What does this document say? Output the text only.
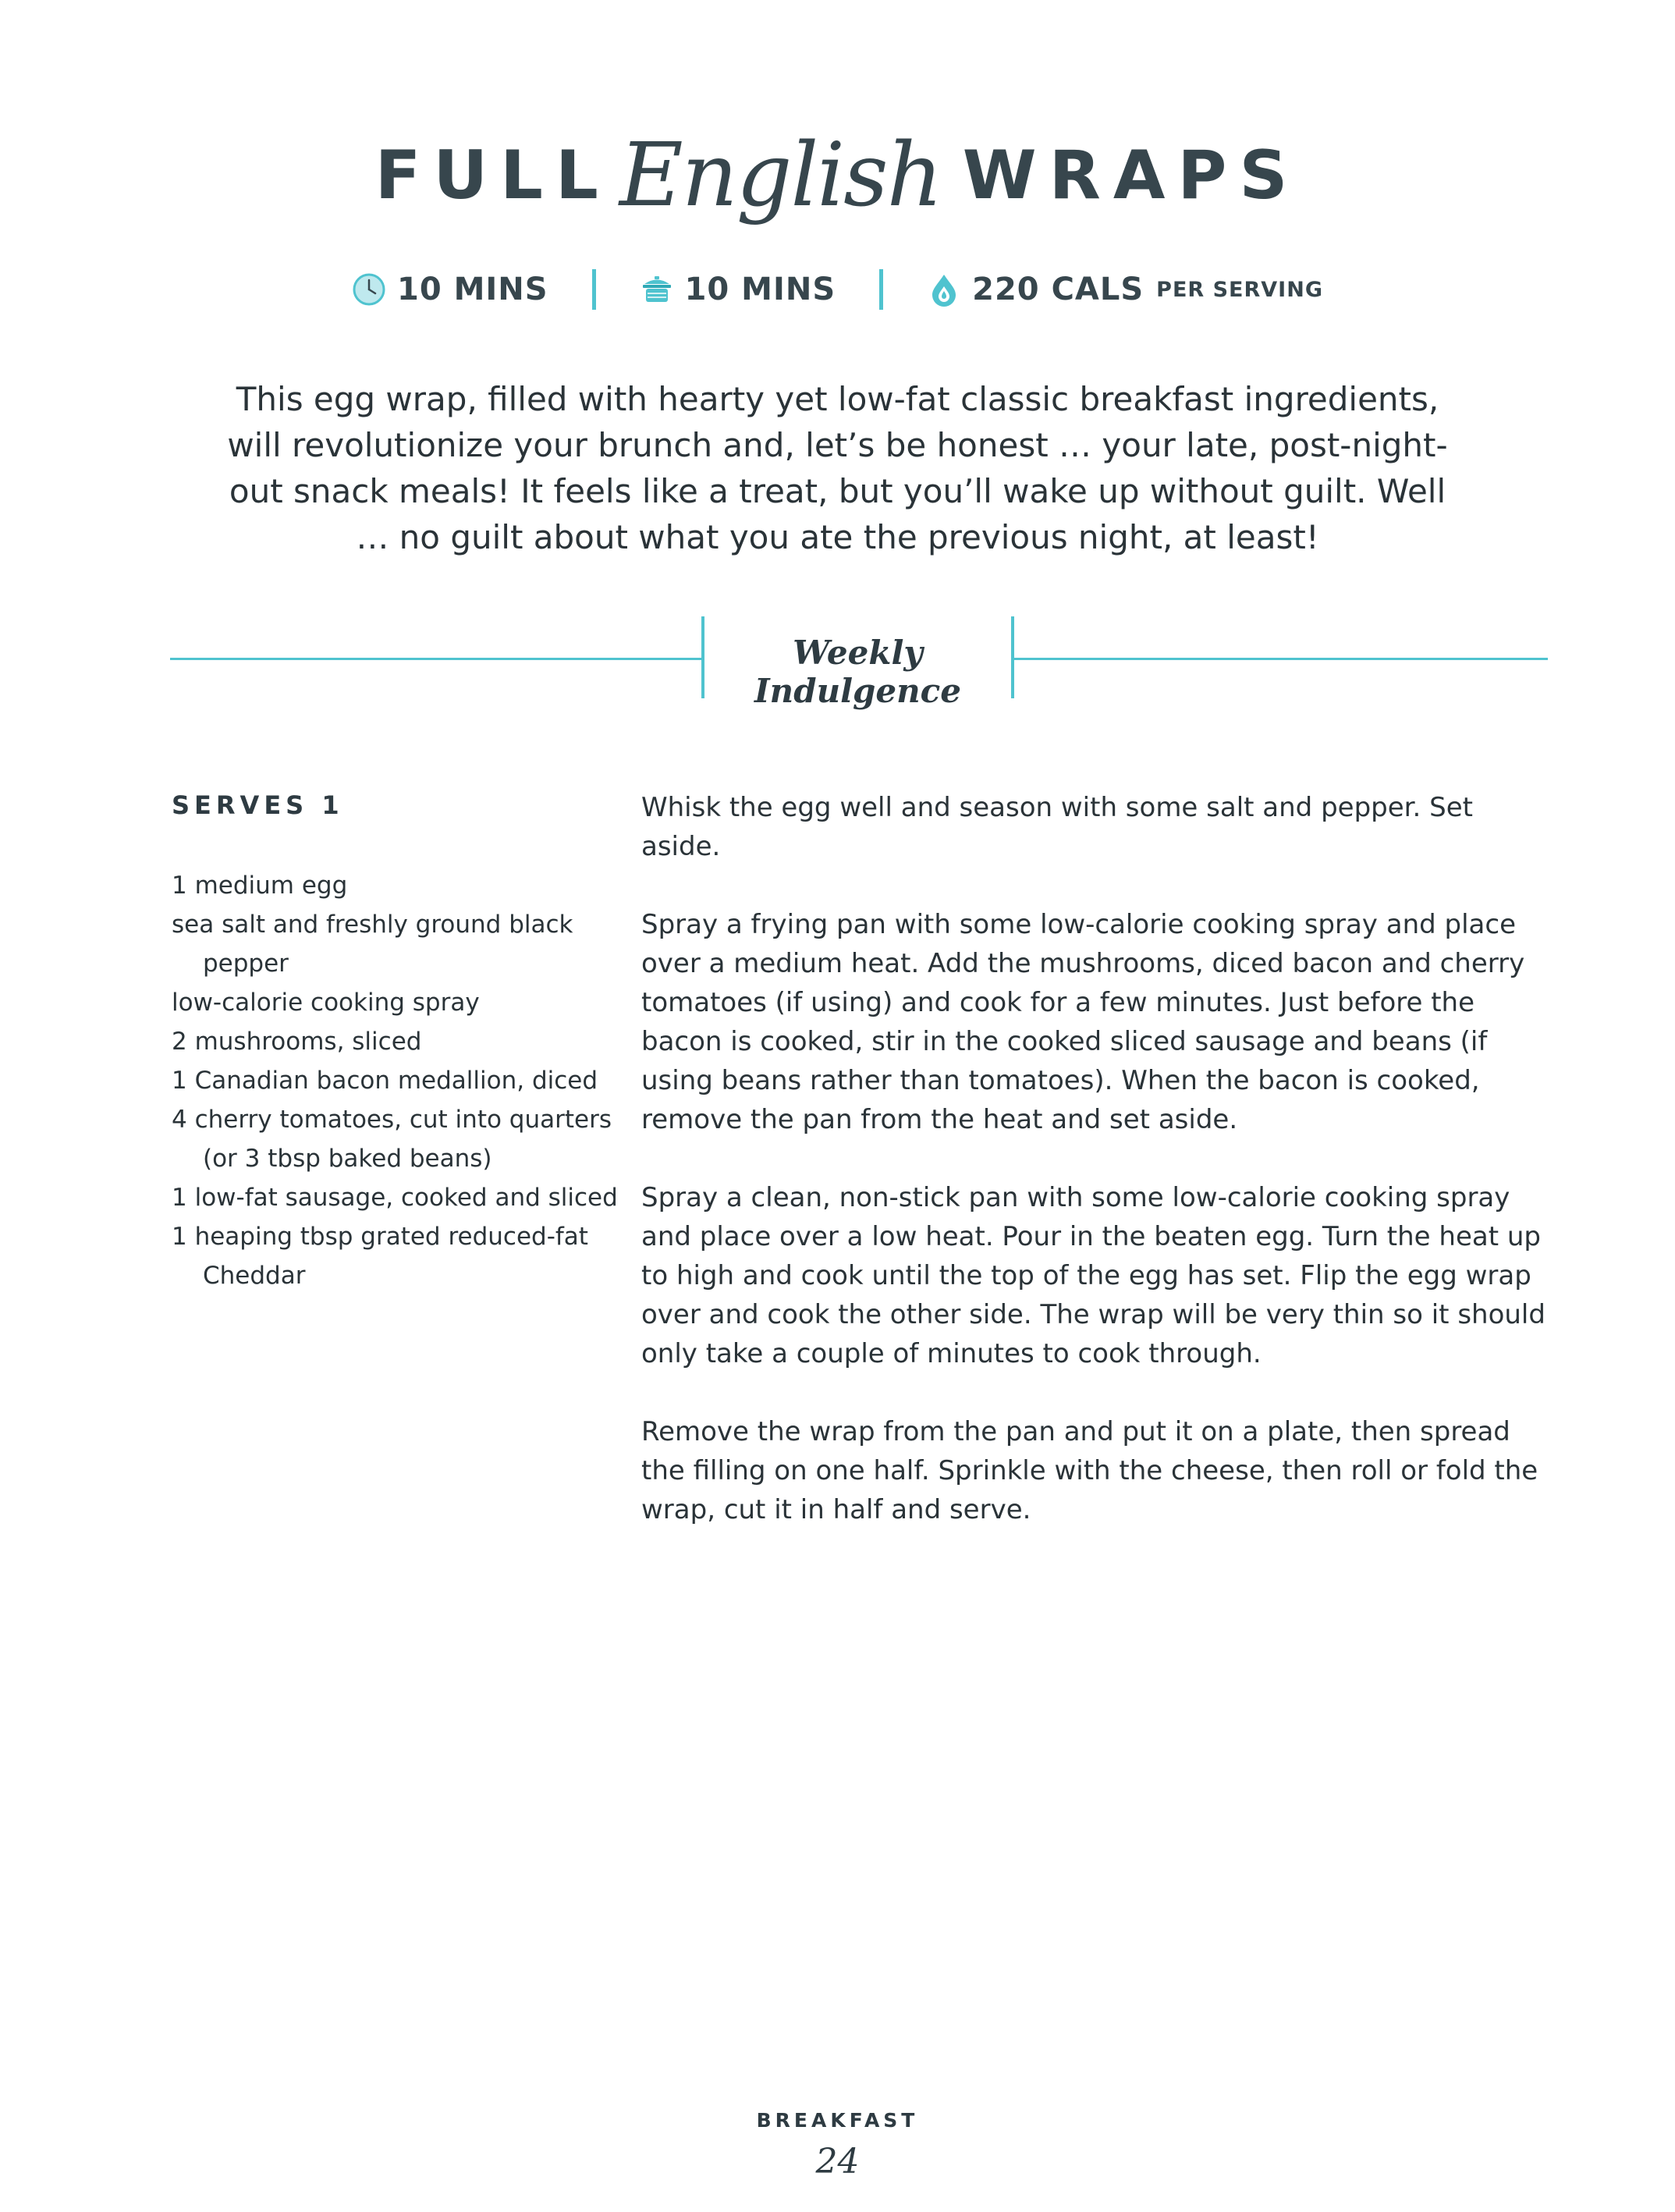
FULL English WRAPS
10 MINS	10 MINS	220 CALS PER SERVING
This egg wrap, filled with hearty yet low-fat classic breakfast ingredients, will revolutionize your brunch and, let’s be honest … your late, post-night-out snack meals! It feels like a treat, but you’ll wake up without guilt. Well … no guilt about what you ate the previous night, at least!
Weekly Indulgence
SERVES 1
1 medium egg
sea salt and freshly ground black pepper
low-calorie cooking spray
2 mushrooms, sliced
1 Canadian bacon medallion, diced
4 cherry tomatoes, cut into quarters (or 3 tbsp baked beans)
1 low-fat sausage, cooked and sliced
1 heaping tbsp grated reduced-fat Cheddar

Whisk the egg well and season with some salt and pepper. Set aside.

Spray a frying pan with some low-calorie cooking spray and place over a medium heat. Add the mushrooms, diced bacon and cherry tomatoes (if using) and cook for a few minutes. Just before the bacon is cooked, stir in the cooked sliced sausage and beans (if using beans rather than tomatoes). When the bacon is cooked, remove the pan from the heat and set aside.

Spray a clean, non-stick pan with some low-calorie cooking spray and place over a low heat. Pour in the beaten egg. Turn the heat up to high and cook until the top of the egg has set. Flip the egg wrap over and cook the other side. The wrap will be very thin so it should only take a couple of minutes to cook through.

Remove the wrap from the pan and put it on a plate, then spread the filling on one half. Sprinkle with the cheese, then roll or fold the wrap, cut it in half and serve.

BREAKFAST
24
